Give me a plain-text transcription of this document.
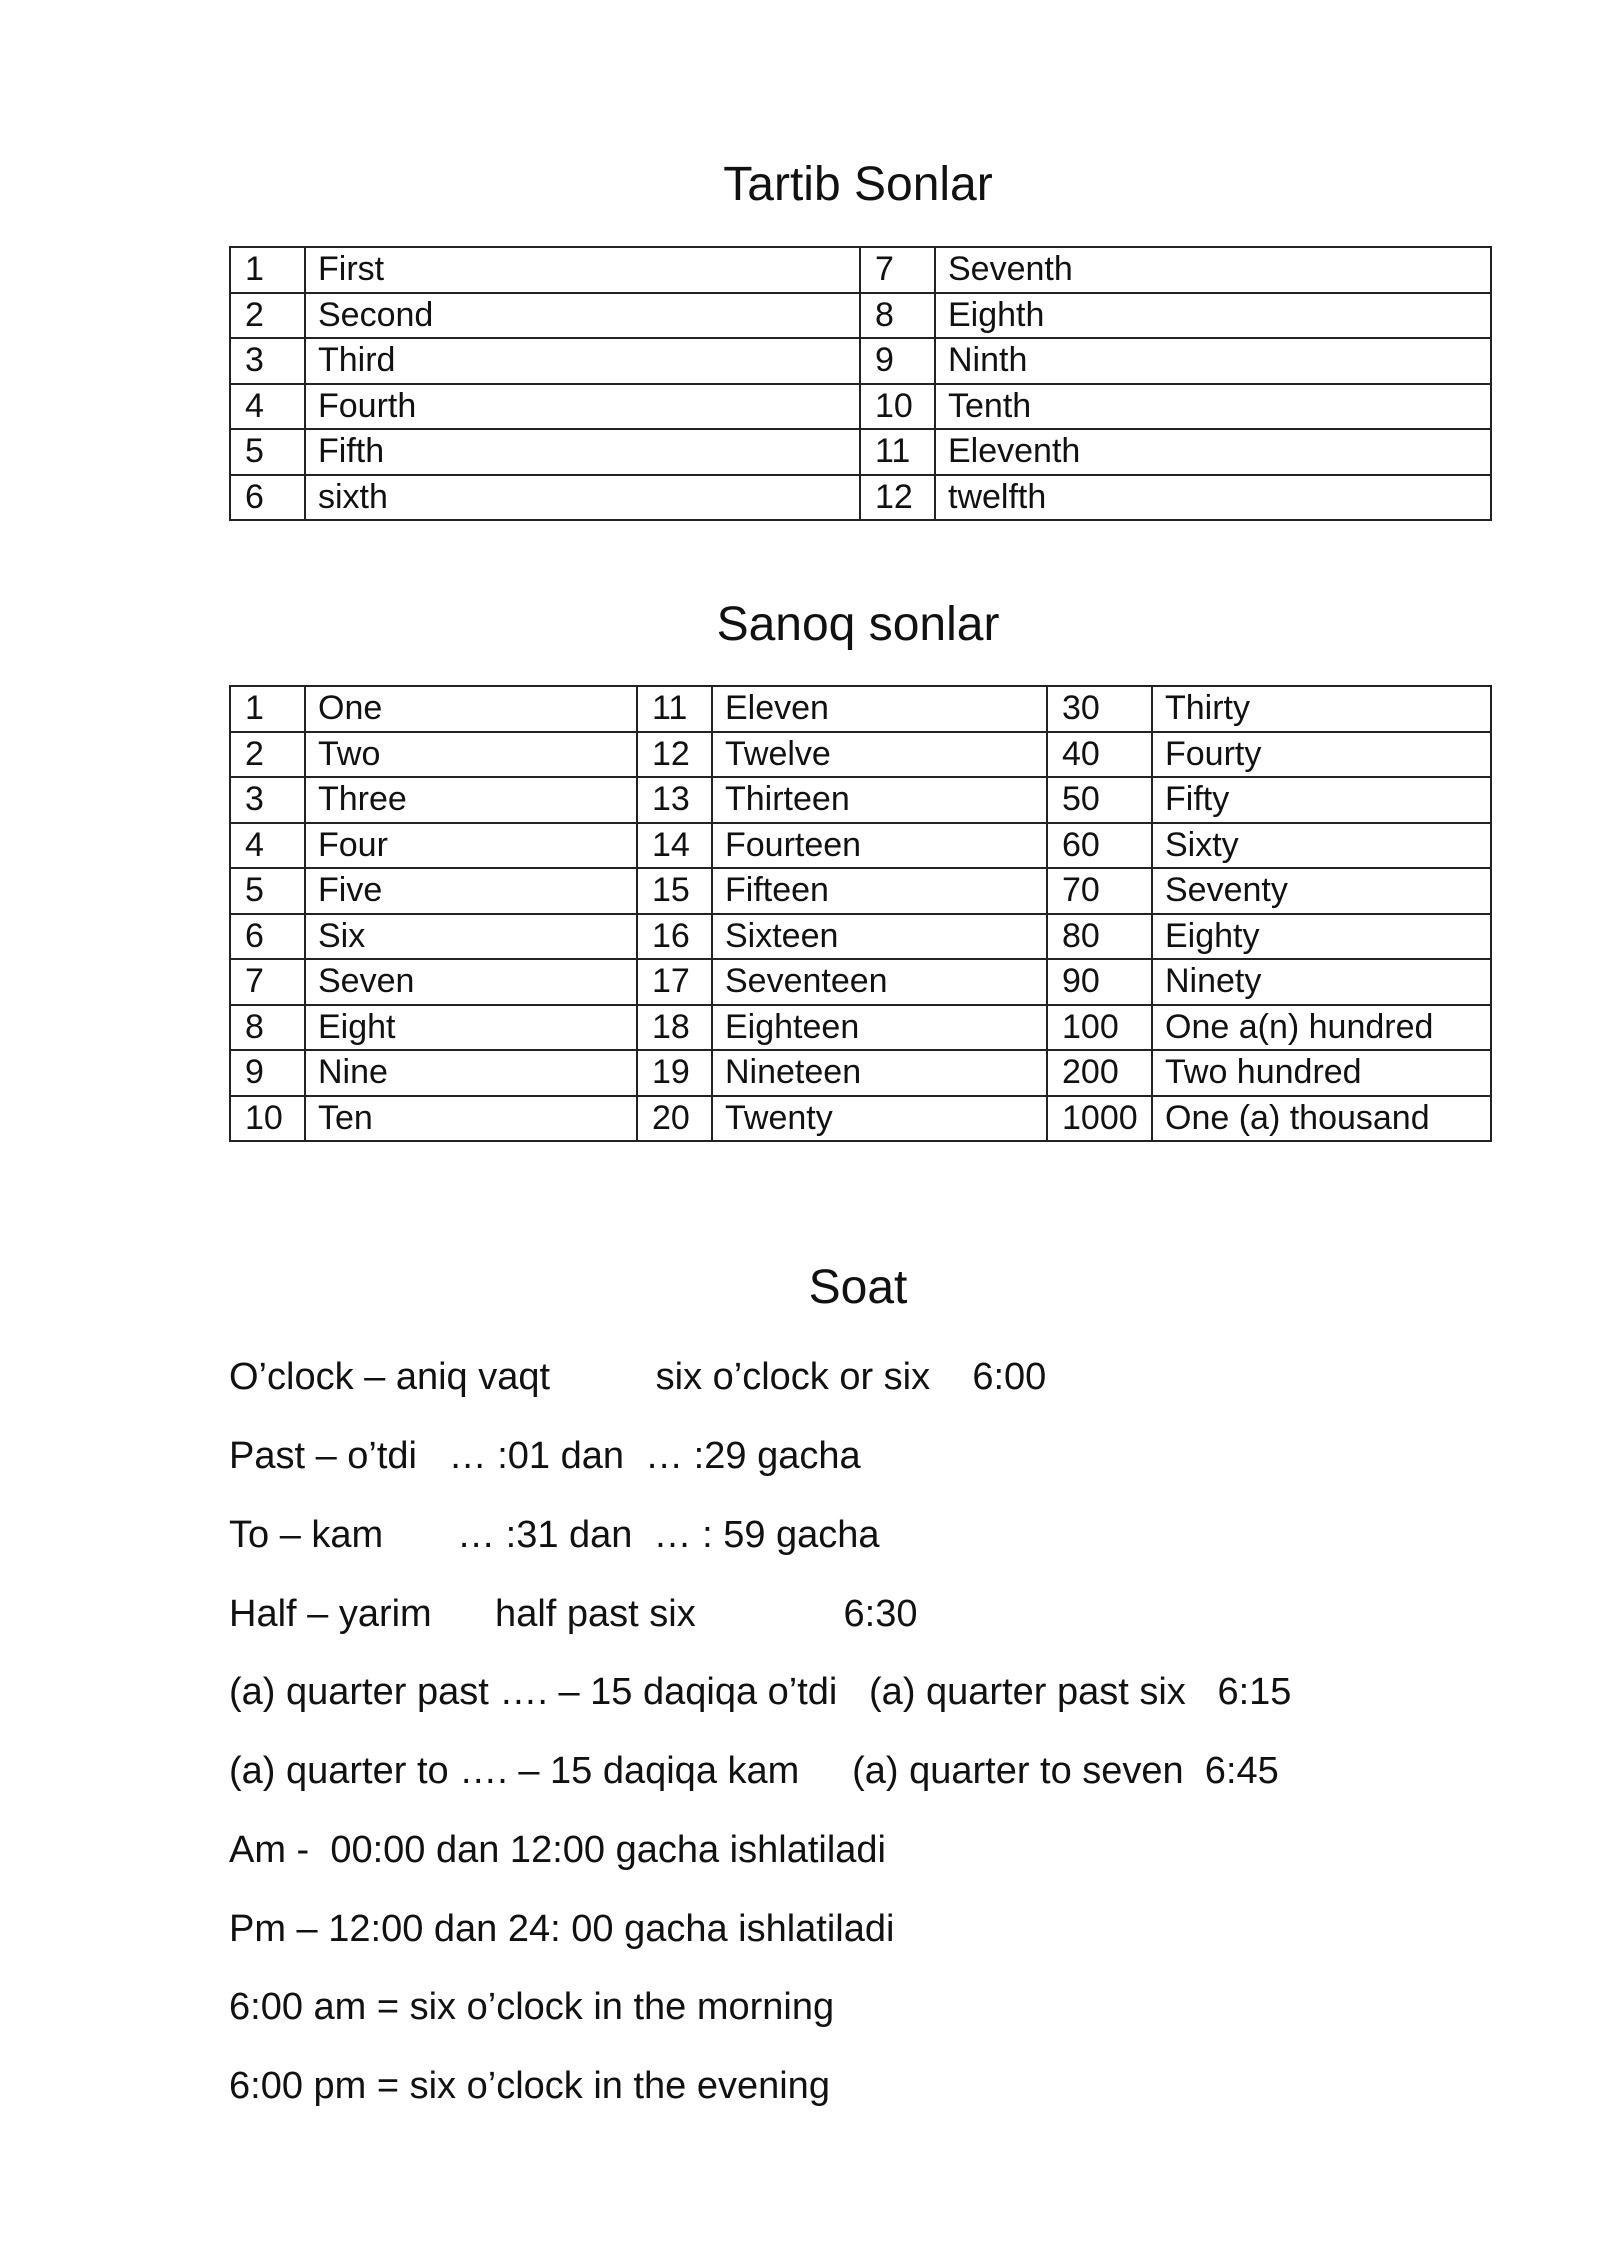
Tartib Sonlar
1	First	7	Seventh
2	Second	8	Eighth
3	Third	9	Ninth
4	Fourth	10	Tenth
5	Fifth	11	Eleventh
6	sixth	12	twelfth
Sanoq sonlar
1	One	11	Eleven	30	Thirty
2	Two	12	Twelve	40	Fourty
3	Three	13	Thirteen	50	Fifty
4	Four	14	Fourteen	60	Sixty
5	Five	15	Fifteen	70	Seventy
6	Six	16	Sixteen	80	Eighty
7	Seven	17	Seventeen	90	Ninety
8	Eight	18	Eighteen	100	One a(n) hundred
9	Nine	19	Nineteen	200	Two hundred
10	Ten	20	Twenty	1000	One (a) thousand
Soat

O’clock – aniq vaqt          six o’clock or six    6:00

Past – o’tdi   … :01 dan  … :29 gacha

To – kam       … :31 dan  … : 59 gacha

Half – yarim      half past six              6:30

(a) quarter past …. – 15 daqiqa o’tdi   (a) quarter past six   6:15

(a) quarter to …. – 15 daqiqa kam     (a) quarter to seven  6:45

Am -  00:00 dan 12:00 gacha ishlatiladi

Pm – 12:00 dan 24: 00 gacha ishlatiladi

6:00 am = six o’clock in the morning

6:00 pm = six o’clock in the evening
